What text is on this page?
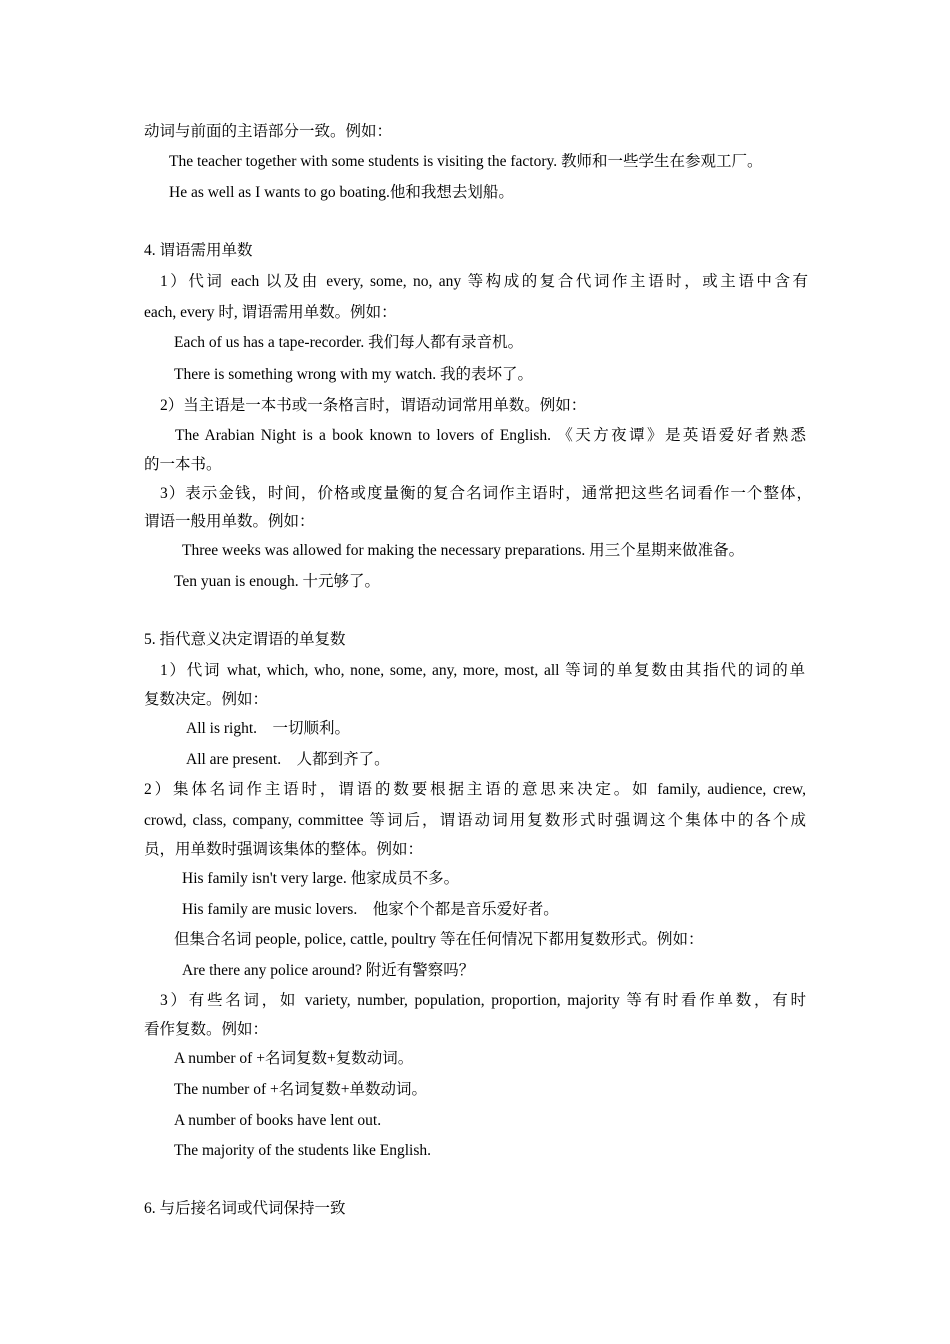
动词与前面的主语部分一致。例如：
The teacher together with some students is visiting the factory. 教师和一些学生在参观工厂。
He as well as I wants to go boating.他和我想去划船。
4. 谓语需用单数
1）代词 each 以及由 every, some, no, any 等构成的复合代词作主语时，或主语中含有
each, every 时, 谓语需用单数。例如：
Each of us has a tape-recorder. 我们每人都有录音机。
There is something wrong with my watch. 我的表坏了。
2）当主语是一本书或一条格言时，谓语动词常用单数。例如：
The Arabian Night is a book known to lovers of English. 《天方夜谭》是英语爱好者熟悉
的一本书。
3）表示金钱，时间，价格或度量衡的复合名词作主语时，通常把这些名词看作一个整体，
谓语一般用单数。例如：
Three weeks was allowed for making the necessary preparations. 用三个星期来做准备。
Ten yuan is enough. 十元够了。
5. 指代意义决定谓语的单复数
1）代词 what, which, who, none, some, any, more, most, all 等词的单复数由其指代的词的单
复数决定。例如：
All is right.    一切顺利。
All are present.    人都到齐了。
2）集体名词作主语时，谓语的数要根据主语的意思来决定。如 family, audience, crew,
crowd, class, company, committee 等词后，谓语动词用复数形式时强调这个集体中的各个成
员，用单数时强调该集体的整体。例如：
His family isn't very large. 他家成员不多。
His family are music lovers.    他家个个都是音乐爱好者。
但集合名词 people, police, cattle, poultry 等在任何情况下都用复数形式。例如：
Are there any police around? 附近有警察吗？
3）有些名词，如 variety, number, population, proportion, majority 等有时看作单数，有时
看作复数。例如：
A number of +名词复数+复数动词。
The number of +名词复数+单数动词。
A number of books have lent out.
The majority of the students like English.
6. 与后接名词或代词保持一致
